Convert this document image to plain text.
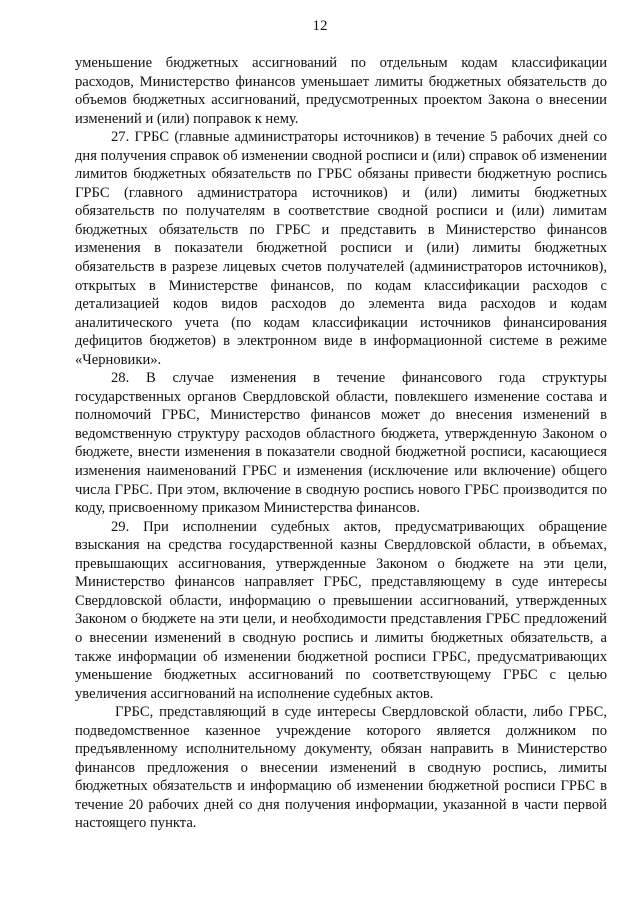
12

уменьшение бюджетных ассигнований по отдельным кодам классификации расходов, Министерство финансов уменьшает лимиты бюджетных обязательств до объемов бюджетных ассигнований, предусмотренных проектом Закона о внесении изменений и (или) поправок к нему.

27. ГРБС (главные администраторы источников) в течение 5 рабочих дней со дня получения справок об изменении сводной росписи и (или) справок об изменении лимитов бюджетных обязательств по ГРБС обязаны привести бюджетную роспись ГРБС (главного администратора источников) и (или) лимиты бюджетных обязательств по получателям в соответствие сводной росписи и (или) лимитам бюджетных обязательств по ГРБС и представить в Министерство финансов изменения в показатели бюджетной росписи и (или) лимиты бюджетных обязательств в разрезе лицевых счетов получателей (администраторов источников), открытых в Министерстве финансов, по кодам классификации расходов с детализацией кодов видов расходов до элемента вида расходов и кодам аналитического учета (по кодам классификации источников финансирования дефицитов бюджетов) в электронном виде в информационной системе в режиме «Черновики».

28. В случае изменения в течение финансового года структуры государственных органов Свердловской области, повлекшего изменение состава и полномочий ГРБС, Министерство финансов может до внесения изменений в ведомственную структуру расходов областного бюджета, утвержденную Законом о бюджете, внести изменения в показатели сводной бюджетной росписи, касающиеся изменения наименований ГРБС и изменения (исключение или включение) общего числа ГРБС. При этом, включение в сводную роспись нового ГРБС производится по коду, присвоенному приказом Министерства финансов.

29. При исполнении судебных актов, предусматривающих обращение взыскания на средства государственной казны Свердловской области, в объемах, превышающих ассигнования, утвержденные Законом о бюджете на эти цели, Министерство финансов направляет ГРБС, представляющему в суде интересы Свердловской области, информацию о превышении ассигнований, утвержденных Законом о бюджете на эти цели, и необходимости представления ГРБС предложений о внесении изменений в сводную роспись и лимиты бюджетных обязательств, а также информации об изменении бюджетной росписи ГРБС, предусматривающих уменьшение бюджетных ассигнований по соответствующему ГРБС с целью увеличения ассигнований на исполнение судебных актов.

ГРБС, представляющий в суде интересы Свердловской области, либо ГРБС, подведомственное казенное учреждение которого является должником по предъявленному исполнительному документу, обязан направить в Министерство финансов предложения о внесении изменений в сводную роспись, лимиты бюджетных обязательств и информацию об изменении бюджетной росписи ГРБС в течение 20 рабочих дней со дня получения информации, указанной в части первой настоящего пункта.
